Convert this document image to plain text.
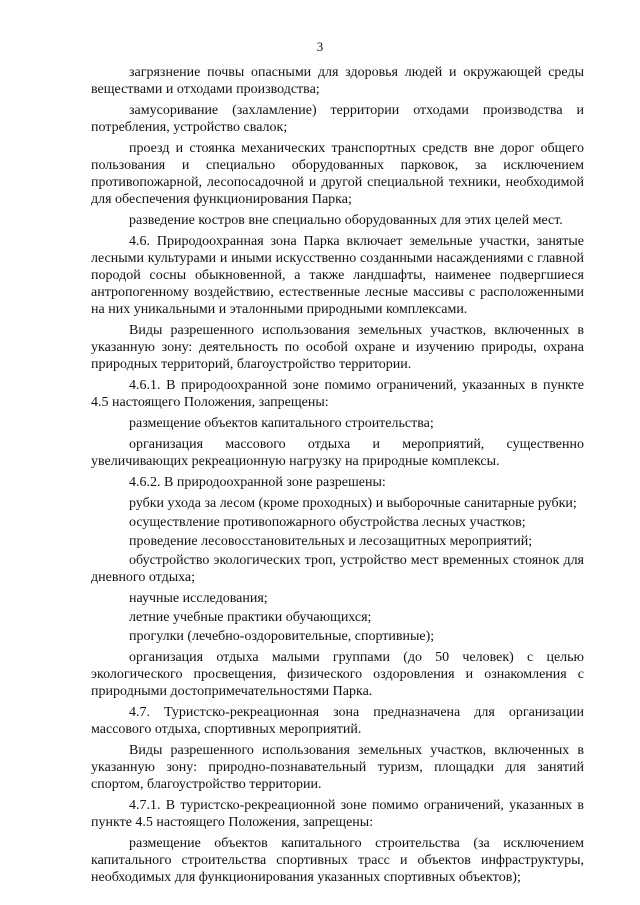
3

загрязнение почвы опасными для здоровья людей и окружающей среды веществами и отходами производства;

замусоривание (захламление) территории отходами производства и потребления, устройство свалок;

проезд и стоянка механических транспортных средств вне дорог общего пользования и специально оборудованных парковок, за исключением противопожарной, лесопосадочной и другой специальной техники, необходимой для обеспечения функционирования Парка;

разведение костров вне специально оборудованных для этих целей мест.

4.6. Природоохранная зона Парка включает земельные участки, занятые лесными культурами и иными искусственно созданными насаждениями с главной породой сосны обыкновенной, а также ландшафты, наименее подвергшиеся антропогенному воздействию, естественные лесные массивы с расположенными на них уникальными и эталонными природными комплексами.

Виды разрешенного использования земельных участков, включенных в указанную зону: деятельность по особой охране и изучению природы, охрана природных территорий, благоустройство территории.

4.6.1. В природоохранной зоне помимо ограничений, указанных в пункте 4.5 настоящего Положения, запрещены:

размещение объектов капитального строительства;

организация массового отдыха и мероприятий, существенно увеличивающих рекреационную нагрузку на природные комплексы.

4.6.2. В природоохранной зоне разрешены:

рубки ухода за лесом (кроме проходных) и выборочные санитарные рубки;

осуществление противопожарного обустройства лесных участков;

проведение лесовосстановительных и лесозащитных мероприятий;

обустройство экологических троп, устройство мест временных стоянок для дневного отдыха;

научные исследования;

летние учебные практики обучающихся;

прогулки (лечебно-оздоровительные, спортивные);

организация отдыха малыми группами (до 50 человек) с целью экологического просвещения, физического оздоровления и ознакомления с природными достопримечательностями Парка.

4.7. Туристско-рекреационная зона предназначена для организации массового отдыха, спортивных мероприятий.

Виды разрешенного использования земельных участков, включенных в указанную зону: природно-познавательный туризм, площадки для занятий спортом, благоустройство территории.

4.7.1. В туристско-рекреационной зоне помимо ограничений, указанных в пункте 4.5 настоящего Положения, запрещены:

размещение объектов капитального строительства (за исключением капитального строительства спортивных трасс и объектов инфраструктуры, необходимых для функционирования указанных спортивных объектов);
